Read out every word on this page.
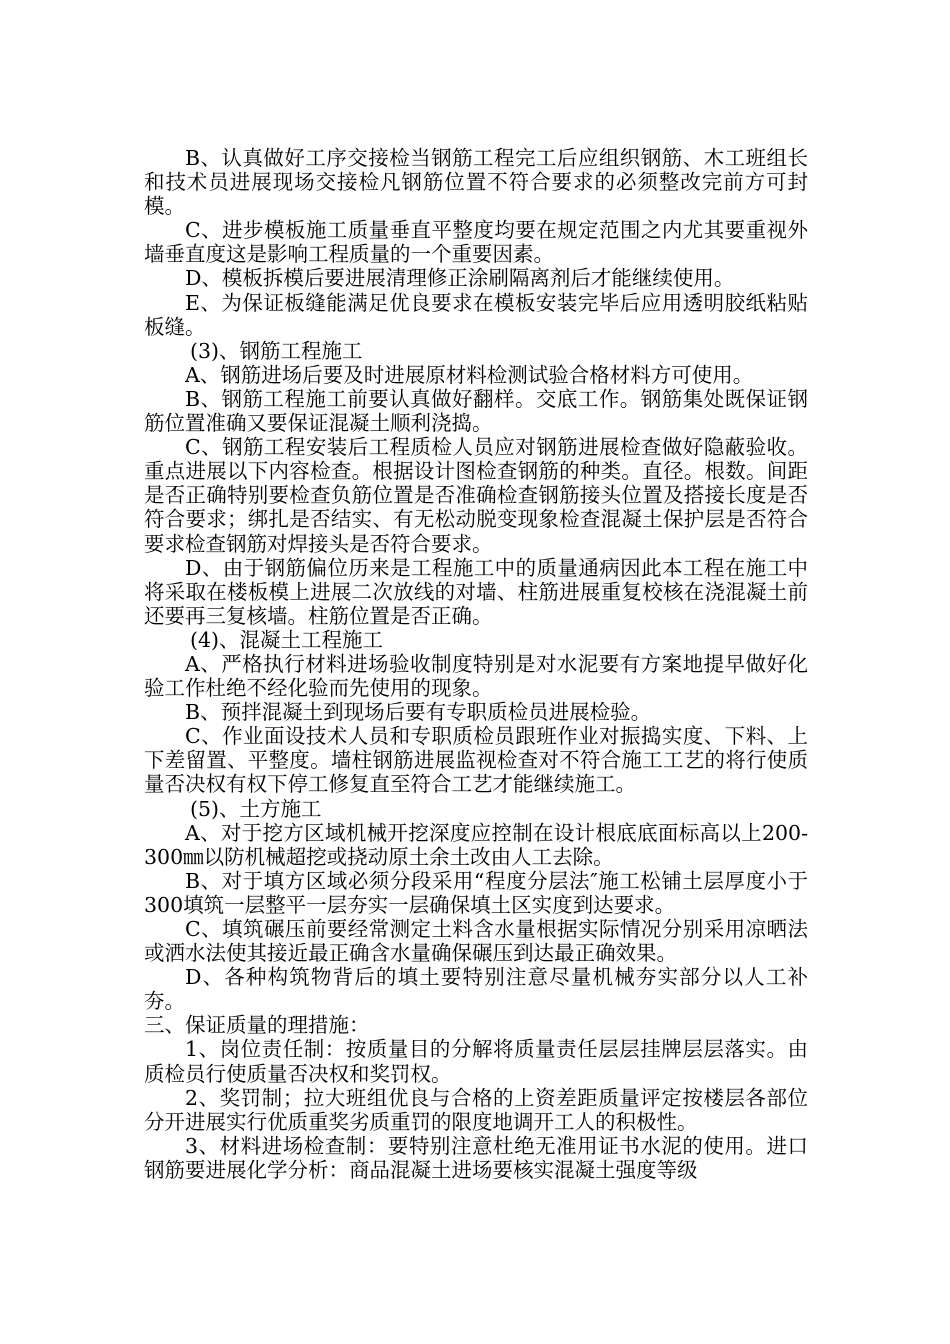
B、认真做好工序交接检当钢筋工程完工后应组织钢筋、木工班组长和技术员进展现场交接检凡钢筋位置不符合要求的必须整改完前方可封模。

C、进步模板施工质量垂直平整度均要在规定范围之内尤其要重视外墙垂直度这是影响工程质量的一个重要因素。

D、模板拆模后要进展清理修正涂刷隔离剂后才能继续使用。

E、为保证板缝能满足优良要求在模板安装完毕后应用透明胶纸粘贴板缝。

(3)、钢筋工程施工

A、钢筋进场后要及时进展原材料检测试验合格材料方可使用。

B、钢筋工程施工前要认真做好翻样。交底工作。钢筋集处既保证钢筋位置准确又要保证混凝土顺利浇捣。

C、钢筋工程安装后工程质检人员应对钢筋进展检查做好隐蔽验收。重点进展以下内容检查。根据设计图检查钢筋的种类。直径。根数。间距是否正确特别要检查负筋位置是否准确检查钢筋接头位置及搭接长度是否符合要求；绑扎是否结实、有无松动脱变现象检查混凝土保护层是否符合要求检查钢筋对焊接头是否符合要求。

D、由于钢筋偏位历来是工程施工中的质量通病因此本工程在施工中将采取在楼板模上进展二次放线的对墙、柱筋进展重复校核在浇混凝土前还要再三复核墙。柱筋位置是否正确。

(4)、混凝土工程施工

A、严格执行材料进场验收制度特别是对水泥要有方案地提早做好化验工作杜绝不经化验而先使用的现象。

B、预拌混凝土到现场后要有专职质检员进展检验。

C、作业面设技术人员和专职质检员跟班作业对振捣实度、下料、上下差留置、平整度。墙柱钢筋进展监视检查对不符合施工工艺的将行使质量否决权有权下停工修复直至符合工艺才能继续施工。

(5)、土方施工

A、对于挖方区域机械开挖深度应控制在设计根底底面标高以上200-300㎜以防机械超挖或挠动原土余土改由人工去除。

B、对于填方区域必须分段采用“程度分层法″施工松铺土层厚度小于300填筑一层整平一层夯实一层确保填土区实度到达要求。

C、填筑碾压前要经常测定土料含水量根据实际情况分别采用凉晒法或洒水法使其接近最正确含水量确保碾压到达最正确效果。

D、各种构筑物背后的填土要特别注意尽量机械夯实部分以人工补夯。

三、保证质量的理措施：

1、岗位责任制：按质量目的分解将质量责任层层挂牌层层落实。由质检员行使质量否决权和奖罚权。

2、奖罚制；拉大班组优良与合格的上资差距质量评定按楼层各部位分开进展实行优质重奖劣质重罚的限度地调开工人的积极性。

3、材料进场检查制：要特别注意杜绝无准用证书水泥的使用。进口钢筋要进展化学分析：商品混凝土进场要核实混凝土强度等级
